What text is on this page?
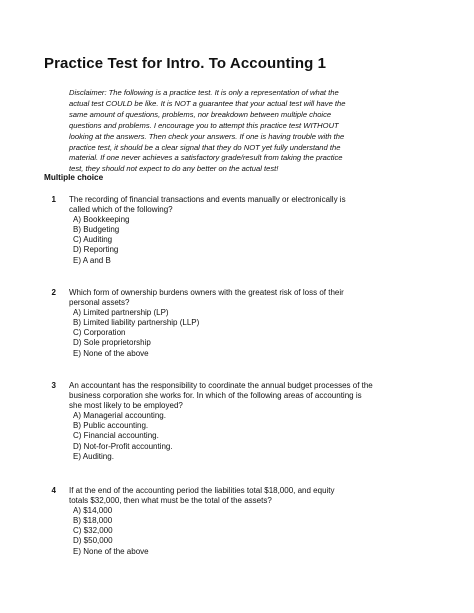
Practice Test for Intro. To Accounting 1
Disclaimer: The following is a practice test. It is only a representation of what the
actual test COULD be like. It is NOT a guarantee that your actual test will have the
same amount of questions, problems, nor breakdown between multiple choice
questions and problems. I encourage you to attempt this practice test WITHOUT
looking at the answers. Then check your answers. If one is having trouble with the
practice test, it should be a clear signal that they do NOT yet fully understand the
material. If one never achieves a satisfactory grade/result from taking the practice
test, they should not expect to do any better on the actual test!
Multiple choice
1 The recording of financial transactions and events manually or electronically is
called which of the following?
A) Bookkeeping
B) Budgeting
C) Auditing
D) Reporting
E) A and B
2 Which form of ownership burdens owners with the greatest risk of loss of their
personal assets?
A) Limited partnership (LP)
B) Limited liability partnership (LLP)
C) Corporation
D) Sole proprietorship
E) None of the above
3 An accountant has the responsibility to coordinate the annual budget processes of the
business corporation she works for. In which of the following areas of accounting is
she most likely to be employed?
A) Managerial accounting.
B) Public accounting.
C) Financial accounting.
D) Not-for-Profit accounting.
E) Auditing.
4 If at the end of the accounting period the liabilities total $18,000, and equity
totals $32,000, then what must be the total of the assets?
A) $14,000
B) $18,000
C) $32,000
D) $50,000
E) None of the above
